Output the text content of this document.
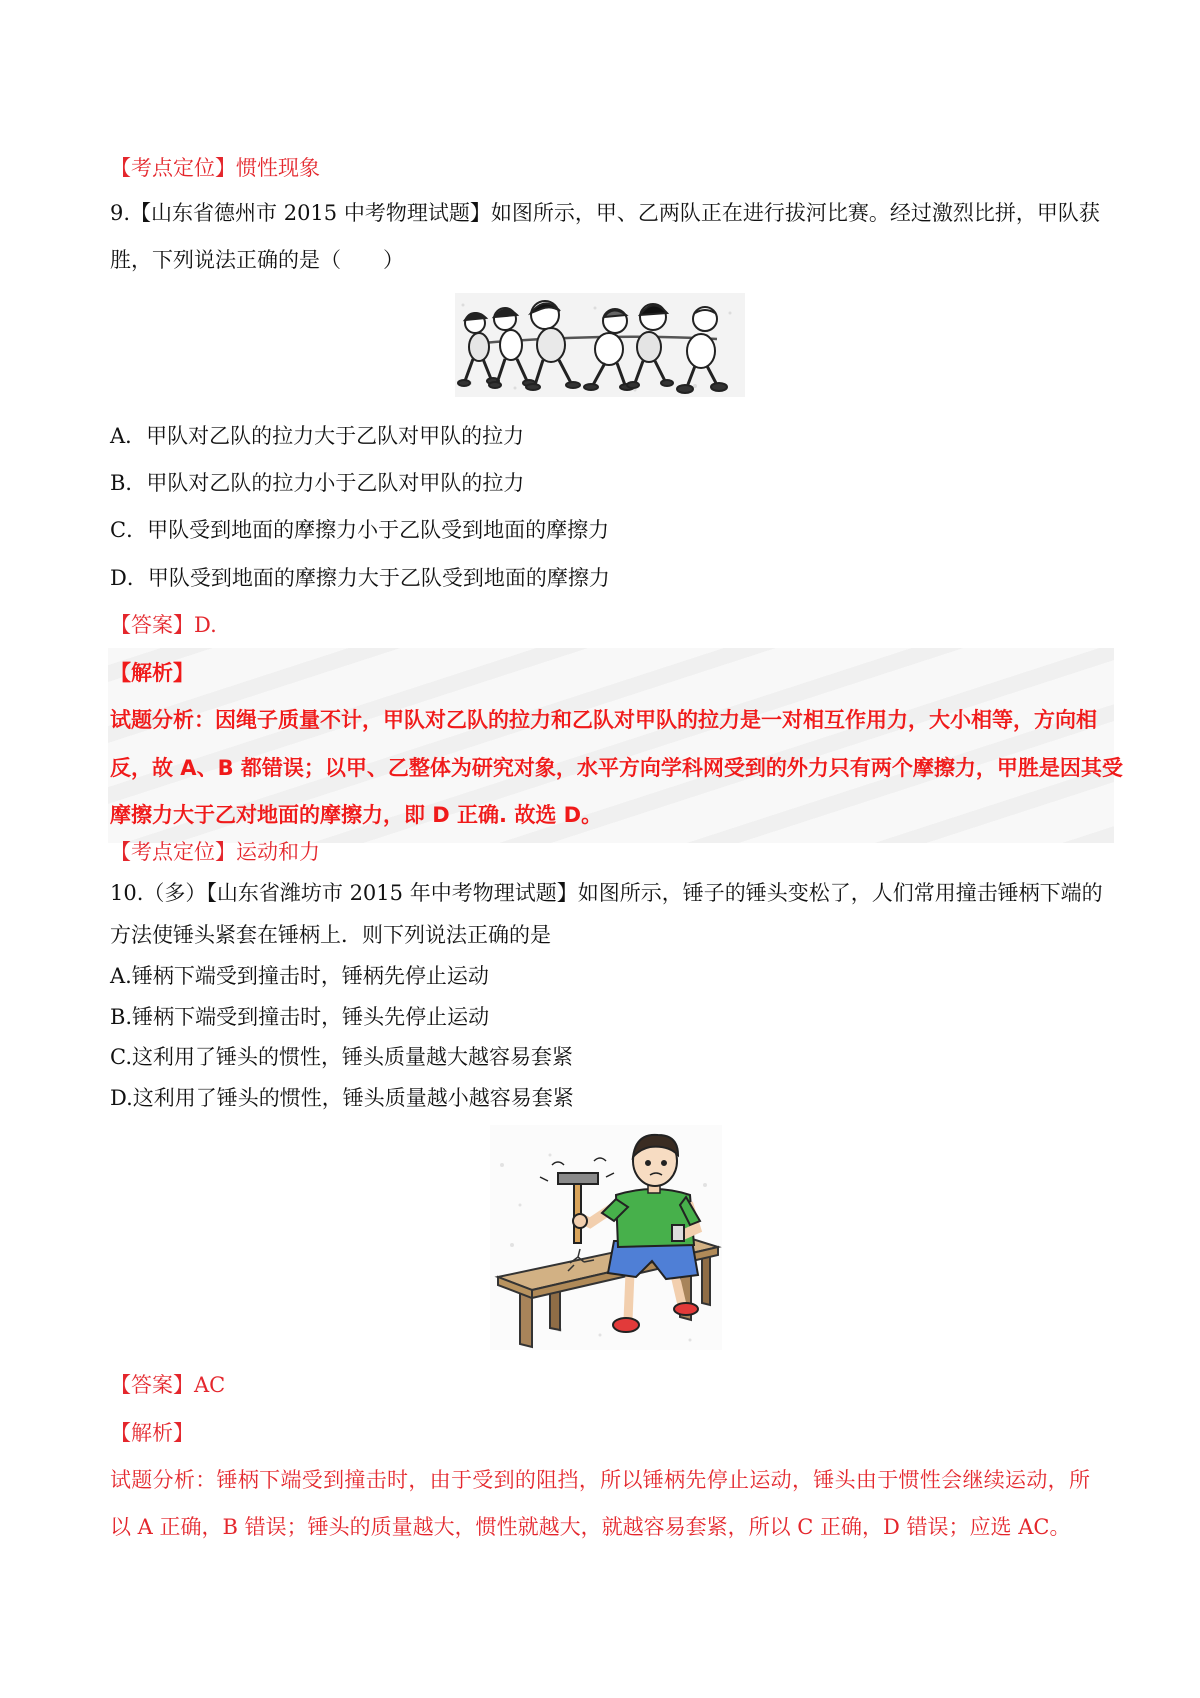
【考点定位】惯性现象
9.【山东省德州市 2015 中考物理试题】如图所示，甲、乙两队正在进行拔河比赛。经过激烈比拼，甲队获
胜，下列说法正确的是（　　）
A．甲队对乙队的拉力大于乙队对甲队的拉力
B．甲队对乙队的拉力小于乙队对甲队的拉力
C．甲队受到地面的摩擦力小于乙队受到地面的摩擦力
D．甲队受到地面的摩擦力大于乙队受到地面的摩擦力
【答案】D.
【解析】
试题分析：因绳子质量不计，甲队对乙队的拉力和乙队对甲队的拉力是一对相互作用力，大小相等，方向相
反，故 A、B 都错误；以甲、乙整体为研究对象，水平方向学科网受到的外力只有两个摩擦力，甲胜是因其受
摩擦力大于乙对地面的摩擦力，即 D 正确. 故选 D。
【考点定位】运动和力
10.（多）【山东省潍坊市 2015 年中考物理试题】如图所示，锤子的锤头变松了，人们常用撞击锤柄下端的
方法使锤头紧套在锤柄上．则下列说法正确的是
A.锤柄下端受到撞击时，锤柄先停止运动
B.锤柄下端受到撞击时，锤头先停止运动
C.这利用了锤头的惯性，锤头质量越大越容易套紧
D.这利用了锤头的惯性，锤头质量越小越容易套紧
【答案】AC
【解析】
试题分析：锤柄下端受到撞击时，由于受到的阻挡，所以锤柄先停止运动，锤头由于惯性会继续运动，所
以 A 正确，B 错误；锤头的质量越大，惯性就越大，就越容易套紧，所以 C 正确，D 错误；应选 AC。
